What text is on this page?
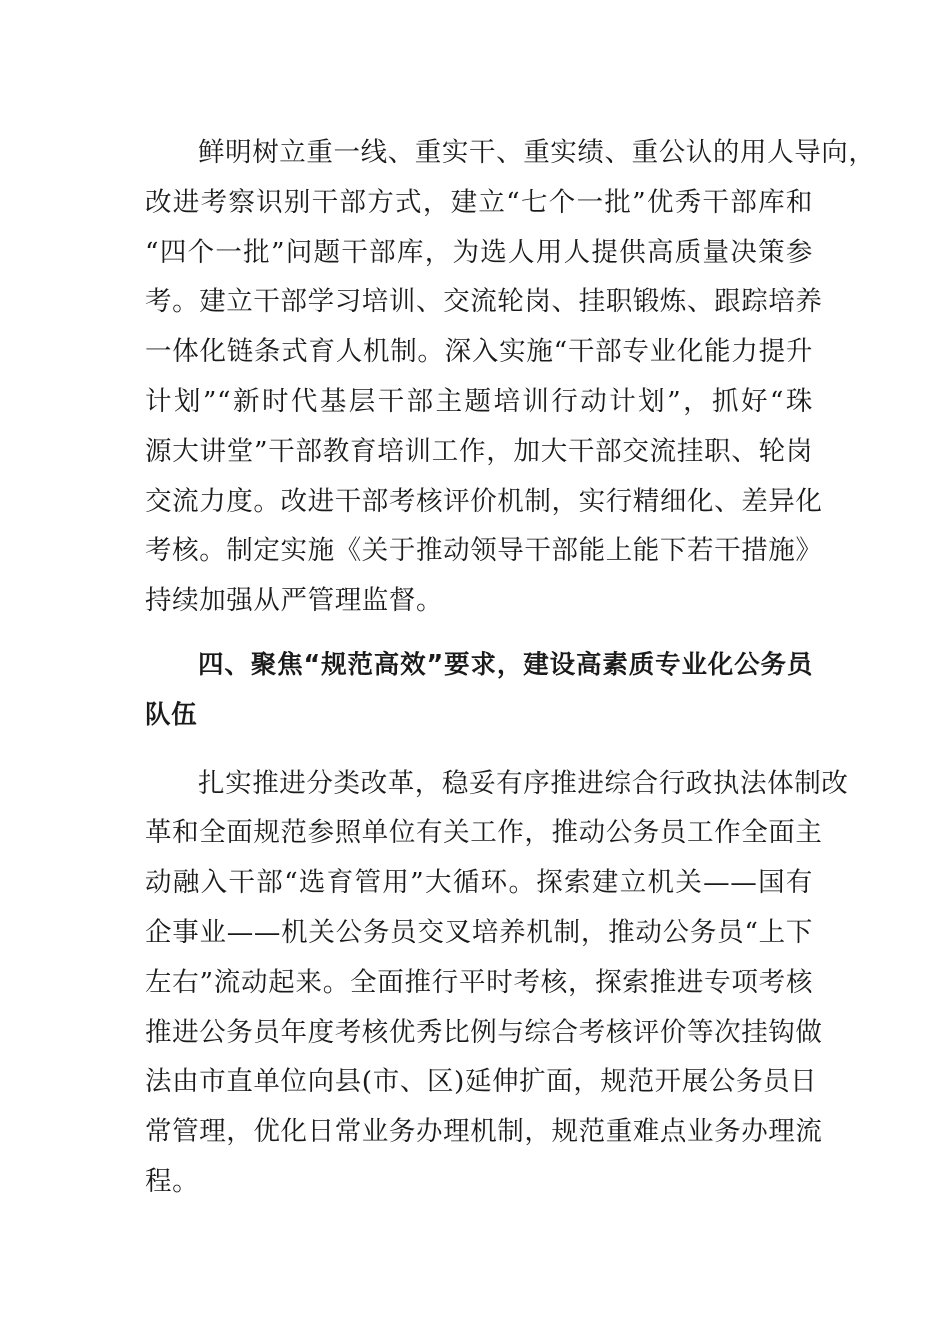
鲜明树立重一线、重实干、重实绩、重公认的用人导向，
改进考察识别干部方式，建立“七个一批”优秀干部库和
“四个一批”问题干部库，为选人用人提供高质量决策参
考。建立干部学习培训、交流轮岗、挂职锻炼、跟踪培养
一体化链条式育人机制。深入实施“干部专业化能力提升
计划”“新时代基层干部主题培训行动计划”，抓好“珠
源大讲堂”干部教育培训工作，加大干部交流挂职、轮岗
交流力度。改进干部考核评价机制，实行精细化、差异化
考核。制定实施《关于推动领导干部能上能下若干措施》
持续加强从严管理监督。
四、聚焦“规范高效”要求，建设高素质专业化公务员
队伍
扎实推进分类改革，稳妥有序推进综合行政执法体制改
革和全面规范参照单位有关工作，推动公务员工作全面主
动融入干部“选育管用”大循环。探索建立机关——国有
企事业——机关公务员交叉培养机制，推动公务员“上下
左右”流动起来。全面推行平时考核，探索推进专项考核
推进公务员年度考核优秀比例与综合考核评价等次挂钩做
法由市直单位向县(市、区)延伸扩面，规范开展公务员日
常管理，优化日常业务办理机制，规范重难点业务办理流
程。
